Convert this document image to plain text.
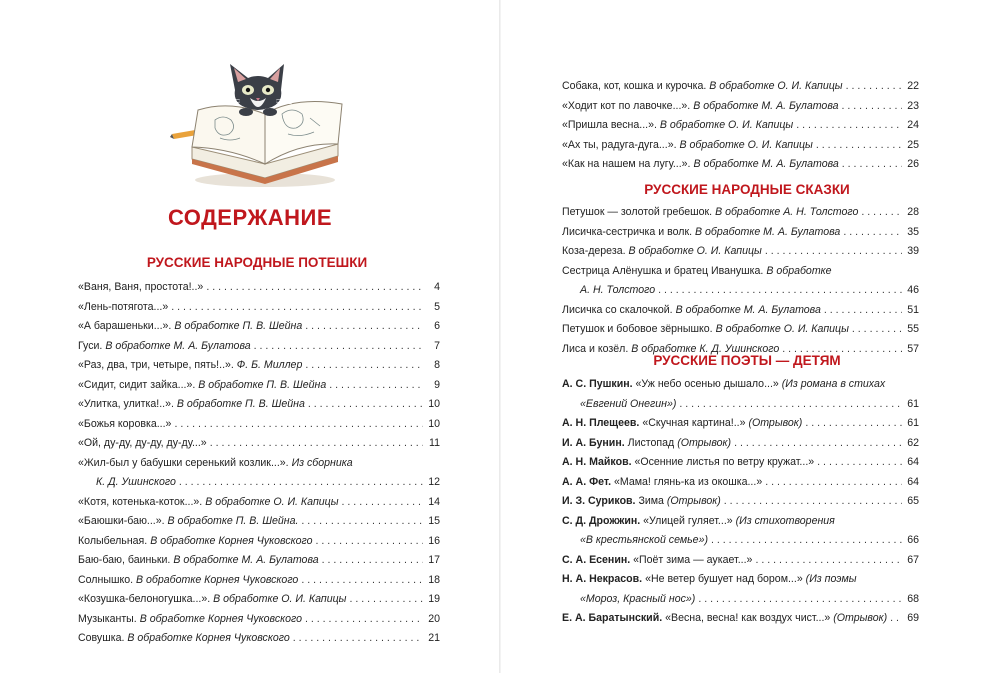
СОДЕРЖАНИЕ
РУССКИЕ НАРОДНЫЕ ПОТЕШКИ
«Ваня, Ваня, простота!..» . . .	4
«Лень-потягота...» . . .	5
«А барашеньки...». В обработке П. В. Шейна . . .	6
Гуси. В обработке М. А. Булатова . . .	7
«Раз, два, три, четыре, пять!..». Ф. Б. Миллер . . .	8
«Сидит, сидит зайка...». В обработке П. В. Шейна . . .	9
«Улитка, улитка!..». В обработке П. В. Шейна . . .	10
«Божья коровка...» . . .	10
«Ой, ду-ду, ду-ду, ду-ду...» . . .	11
«Жил-был у бабушки серенький козлик...». Из сборника
К. Д. Ушинского . . .	12
«Котя, котенька-коток...». В обработке О. И. Капицы . . .	14
«Баюшки-баю...». В обработке П. В. Шейна. . . .	15
Колыбельная. В обработке Корнея Чуковского . . .	16
Баю-баю, баиньки. В обработке М. А. Булатова . . .	17
Солнышко. В обработке Корнея Чуковского . . .	18
«Козушка-белоногушка...». В обработке О. И. Капицы . . .	19
Музыканты. В обработке Корнея Чуковского . . .	20
Совушка. В обработке Корнея Чуковского . . .	21
Собака, кот, кошка и курочка. В обработке О. И. Капицы . . .	22
«Ходит кот по лавочке...». В обработке М. А. Булатова . . .	23
«Пришла весна...». В обработке О. И. Капицы . . .	24
«Ах ты, радуга-дуга...». В обработке О. И. Капицы . . .	25
«Как на нашем на лугу...». В обработке М. А. Булатова . . .	26
РУССКИЕ НАРОДНЫЕ СКАЗКИ
Петушок — золотой гребешок. В обработке А. Н. Толстого . . .	28
Лисичка-сестричка и волк. В обработке М. А. Булатова . . .	35
Коза-дереза. В обработке О. И. Капицы . . .	39
Сестрица Алёнушка и братец Иванушка. В обработке
А. Н. Толстого . . .	46
Лисичка со скалочкой. В обработке М. А. Булатова . . .	51
Петушок и бобовое зёрнышко. В обработке О. И. Капицы . . .	55
Лиса и козёл. В обработке К. Д. Ушинского . . .	57
РУССКИЕ ПОЭТЫ — ДЕТЯМ
А. С. Пушкин. «Уж небо осенью дышало...» (Из романа в стихах
«Евгений Онегин») . . .	61
А. Н. Плещеев. «Скучная картина!..» (Отрывок) . . .	61
И. А. Бунин. Листопад (Отрывок) . . .	62
А. Н. Майков. «Осенние листья по ветру кружат...» . . .	64
А. А. Фет. «Мама! глянь-ка из окошка...» . . .	64
И. З. Суриков. Зима (Отрывок) . . .	65
С. Д. Дрожжин. «Улицей гуляет...» (Из стихотворения
«В крестьянской семье») . . .	66
С. А. Есенин. «Поёт зима — аукает...» . . .	67
Н. А. Некрасов. «Не ветер бушует над бором...» (Из поэмы
«Мороз, Красный нос») . . .	68
Е. А. Баратынский. «Весна, весна! как воздух чист...» (Отрывок) . . . 69
